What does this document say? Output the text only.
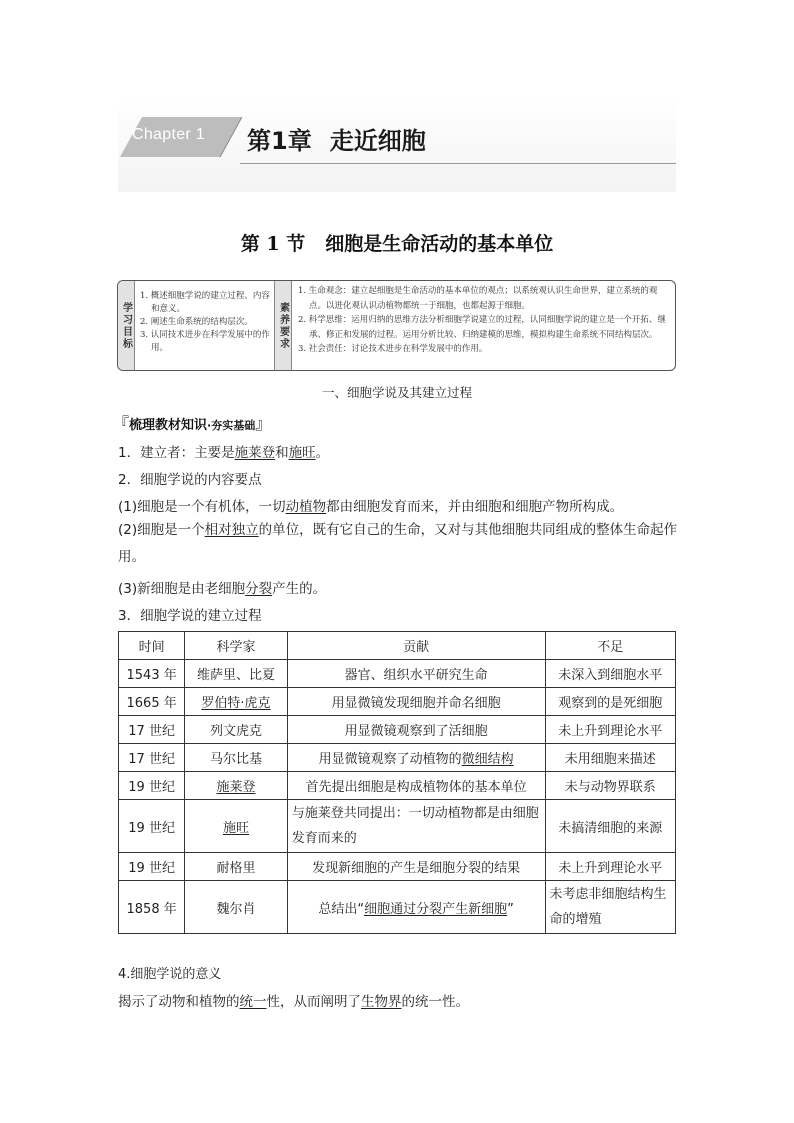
Chapter 1 第1章 走近细胞
第 1 节 细胞是生命活动的基本单位
学习目标
1. 概述细胞学说的建立过程、内容和意义。
2. 阐述生命系统的结构层次。
3. 认同技术进步在科学发展中的作用。	素养要求
1. 生命观念：建立起细胞是生命活动的基本单位的观点；以系统观认识生命世界，建立系统的观点。以进化观认识动植物都统一于细胞，也都起源于细胞。
2. 科学思维：运用归纳的思维方法分析细胞学说建立的过程，认同细胞学说的建立是一个开拓、继承、修正和发展的过程。运用分析比较、归纳建模的思维，模拟构建生命系统不同结构层次。
3. 社会责任：讨论技术进步在科学发展中的作用。
一、细胞学说及其建立过程
『梳理教材知识·夯实基础』
1．建立者：主要是施莱登和施旺。
2．细胞学说的内容要点
(1)细胞是一个有机体，一切动植物都由细胞发育而来，并由细胞和细胞产物所构成。
(2)细胞是一个相对独立的单位，既有它自己的生命，又对与其他细胞共同组成的整体生命起作用。
(3)新细胞是由老细胞分裂产生的。
3．细胞学说的建立过程
时间	科学家	贡献	不足
1543 年	维萨里、比夏	器官、组织水平研究生命	未深入到细胞水平
1665 年	罗伯特·虎克	用显微镜发现细胞并命名细胞	观察到的是死细胞
17 世纪	列文虎克	用显微镜观察到了活细胞	未上升到理论水平
17 世纪	马尔比基	用显微镜观察了动植物的微细结构	未用细胞来描述
19 世纪	施莱登	首先提出细胞是构成植物体的基本单位	未与动物界联系
19 世纪	施旺	与施莱登共同提出：一切动植物都是由细胞发育而来的	未搞清细胞的来源
19 世纪	耐格里	发现新细胞的产生是细胞分裂的结果	未上升到理论水平
1858 年	魏尔肖	总结出“细胞通过分裂产生新细胞”	未考虑非细胞结构生命的增殖
4.细胞学说的意义
揭示了动物和植物的统一性，从而阐明了生物界的统一性。
